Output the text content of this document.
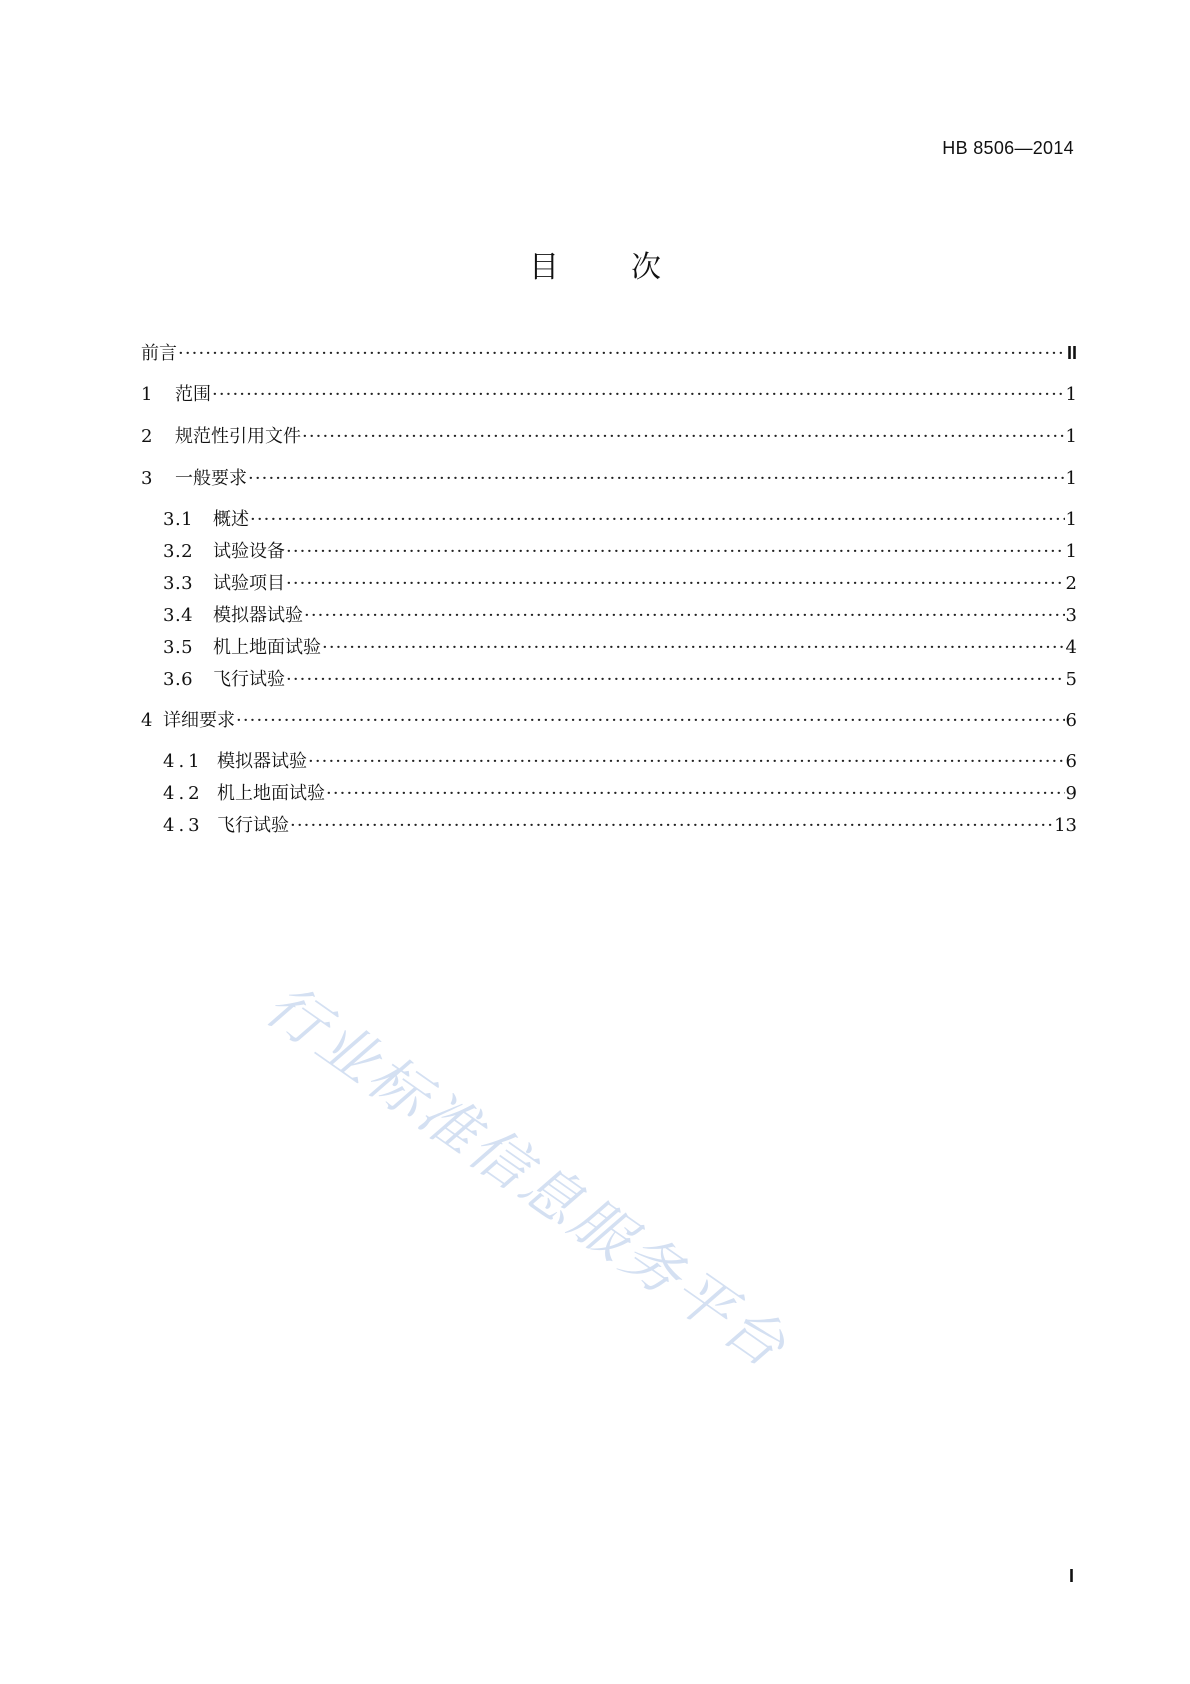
HB 8506—2014
目 次
前言 ·····	II
1	范围 ·····	1
2	规范性引用文件 ·····	1
3	一般要求 ·····	1
3.1	概述 ·····	1
3.2	试验设备 ·····	1
3.3	试验项目 ·····	2
3.4	模拟器试验 ·····	3
3.5	机上地面试验 ·····	4
3.6	飞行试验 ·····	5
4 详细要求 ·····	6
4.1 模拟器试验 ·····	6
4.2 机上地面试验 ·····	9
4.3 飞行试验 ·····	13
行业标准信息服务平台
I
